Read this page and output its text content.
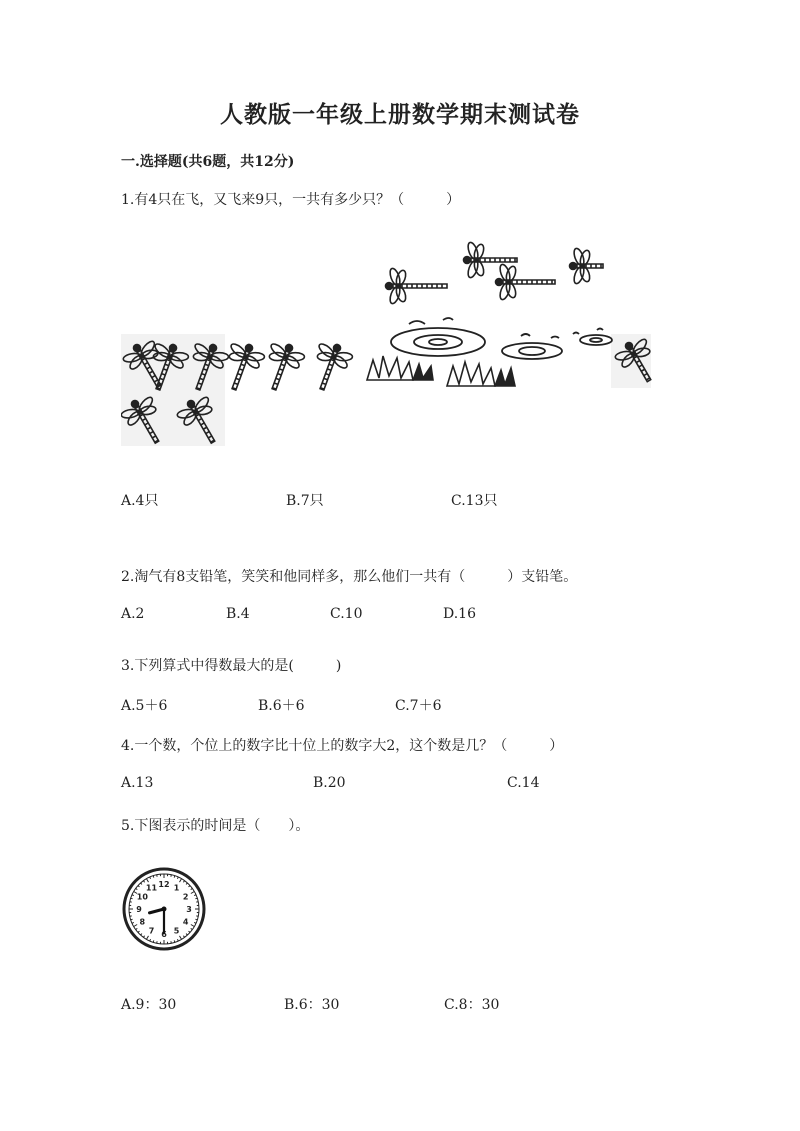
人教版一年级上册数学期末测试卷
一.选择题(共6题，共12分)
1.有4只在飞，又飞来9只，一共有多少只？（　　　）
A.4只	B.7只	C.13只
2.淘气有8支铅笔，笑笑和他同样多，那么他们一共有（　　　）支铅笔。
A.2	B.4	C.10	D.16
3.下列算式中得数最大的是(　　　)
A.5＋6	B.6＋6	C.7＋6
4.一个数，个位上的数字比十位上的数字大2，这个数是几？（　　　）
A.13	B.20	C.14
5.下图表示的时间是（　　）。
12 1
2
3
4
5
6
7
8
9
10
11
A.9：30	B.6：30	C.8：30
